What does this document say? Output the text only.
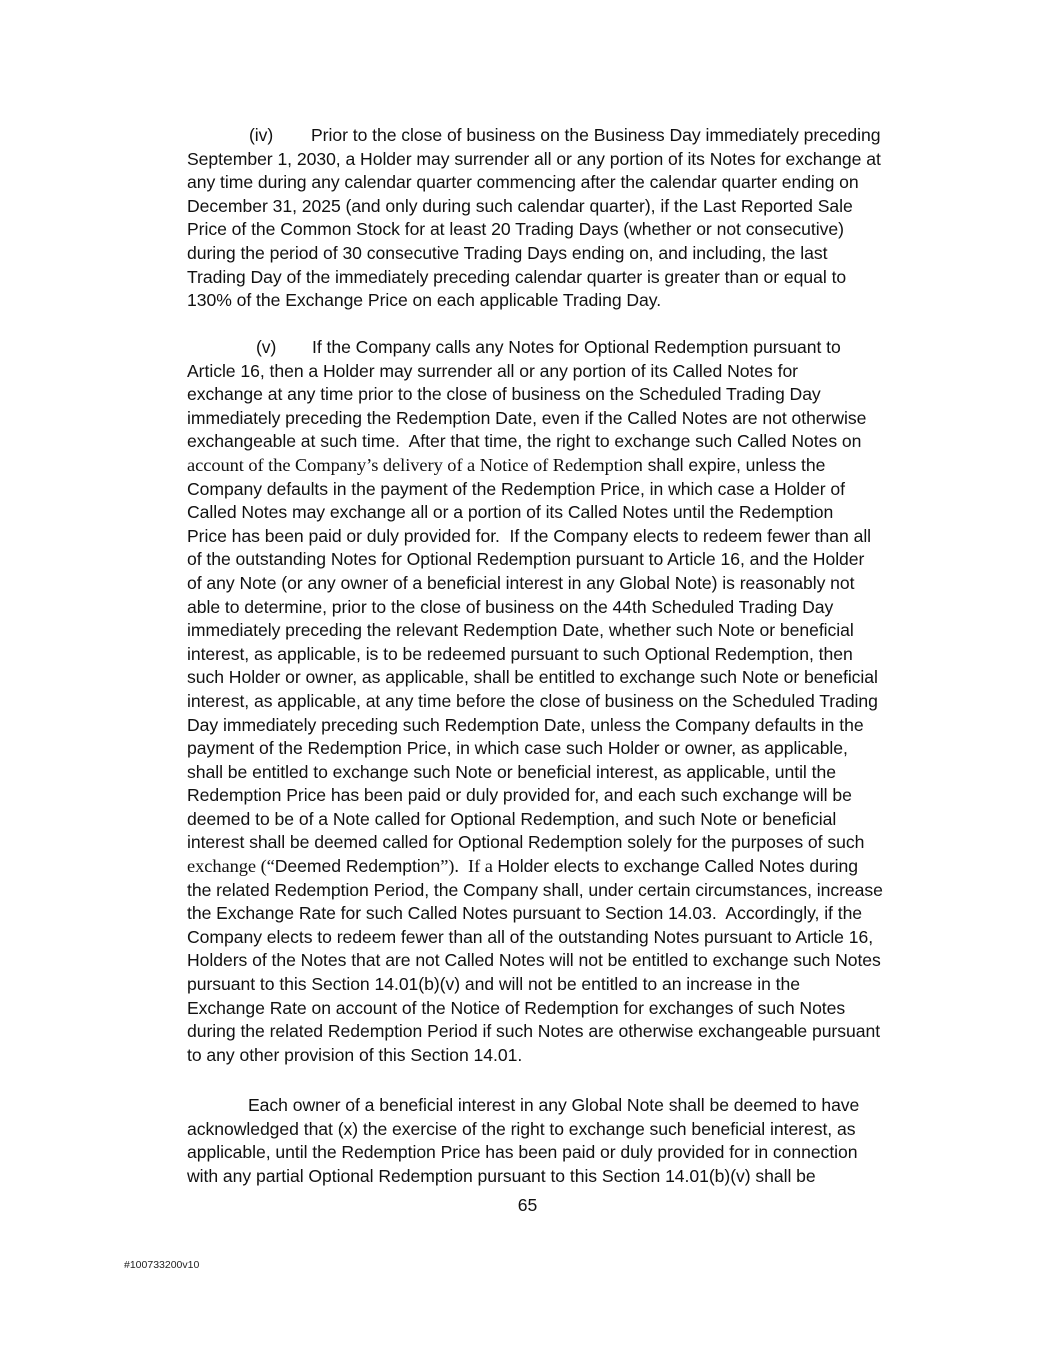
(iv) Prior to the close of business on the Business Day immediately preceding
September 1, 2030, a Holder may surrender all or any portion of its Notes for exchange at
any time during any calendar quarter commencing after the calendar quarter ending on
December 31, 2025 (and only during such calendar quarter), if the Last Reported Sale
Price of the Common Stock for at least 20 Trading Days (whether or not consecutive)
during the period of 30 consecutive Trading Days ending on, and including, the last
Trading Day of the immediately preceding calendar quarter is greater than or equal to
130% of the Exchange Price on each applicable Trading Day.
(v) If the Company calls any Notes for Optional Redemption pursuant to
Article 16, then a Holder may surrender all or any portion of its Called Notes for
exchange at any time prior to the close of business on the Scheduled Trading Day
immediately preceding the Redemption Date, even if the Called Notes are not otherwise
exchangeable at such time.  After that time, the right to exchange such Called Notes on
account of the Company’s delivery of a Notice of Redemption shall expire, unless the
Company defaults in the payment of the Redemption Price, in which case a Holder of
Called Notes may exchange all or a portion of its Called Notes until the Redemption
Price has been paid or duly provided for.  If the Company elects to redeem fewer than all
of the outstanding Notes for Optional Redemption pursuant to Article 16, and the Holder
of any Note (or any owner of a beneficial interest in any Global Note) is reasonably not
able to determine, prior to the close of business on the 44th Scheduled Trading Day
immediately preceding the relevant Redemption Date, whether such Note or beneficial
interest, as applicable, is to be redeemed pursuant to such Optional Redemption, then
such Holder or owner, as applicable, shall be entitled to exchange such Note or beneficial
interest, as applicable, at any time before the close of business on the Scheduled Trading
Day immediately preceding such Redemption Date, unless the Company defaults in the
payment of the Redemption Price, in which case such Holder or owner, as applicable,
shall be entitled to exchange such Note or beneficial interest, as applicable, until the
Redemption Price has been paid or duly provided for, and each such exchange will be
deemed to be of a Note called for Optional Redemption, and such Note or beneficial
interest shall be deemed called for Optional Redemption solely for the purposes of such
exchange (“Deemed Redemption”).  If a Holder elects to exchange Called Notes during
the related Redemption Period, the Company shall, under certain circumstances, increase
the Exchange Rate for such Called Notes pursuant to Section 14.03.  Accordingly, if the
Company elects to redeem fewer than all of the outstanding Notes pursuant to Article 16,
Holders of the Notes that are not Called Notes will not be entitled to exchange such Notes
pursuant to this Section 14.01(b)(v) and will not be entitled to an increase in the
Exchange Rate on account of the Notice of Redemption for exchanges of such Notes
during the related Redemption Period if such Notes are otherwise exchangeable pursuant
to any other provision of this Section 14.01.
Each owner of a beneficial interest in any Global Note shall be deemed to have
acknowledged that (x) the exercise of the right to exchange such beneficial interest, as
applicable, until the Redemption Price has been paid or duly provided for in connection
with any partial Optional Redemption pursuant to this Section 14.01(b)(v) shall be
65
#100733200v10
